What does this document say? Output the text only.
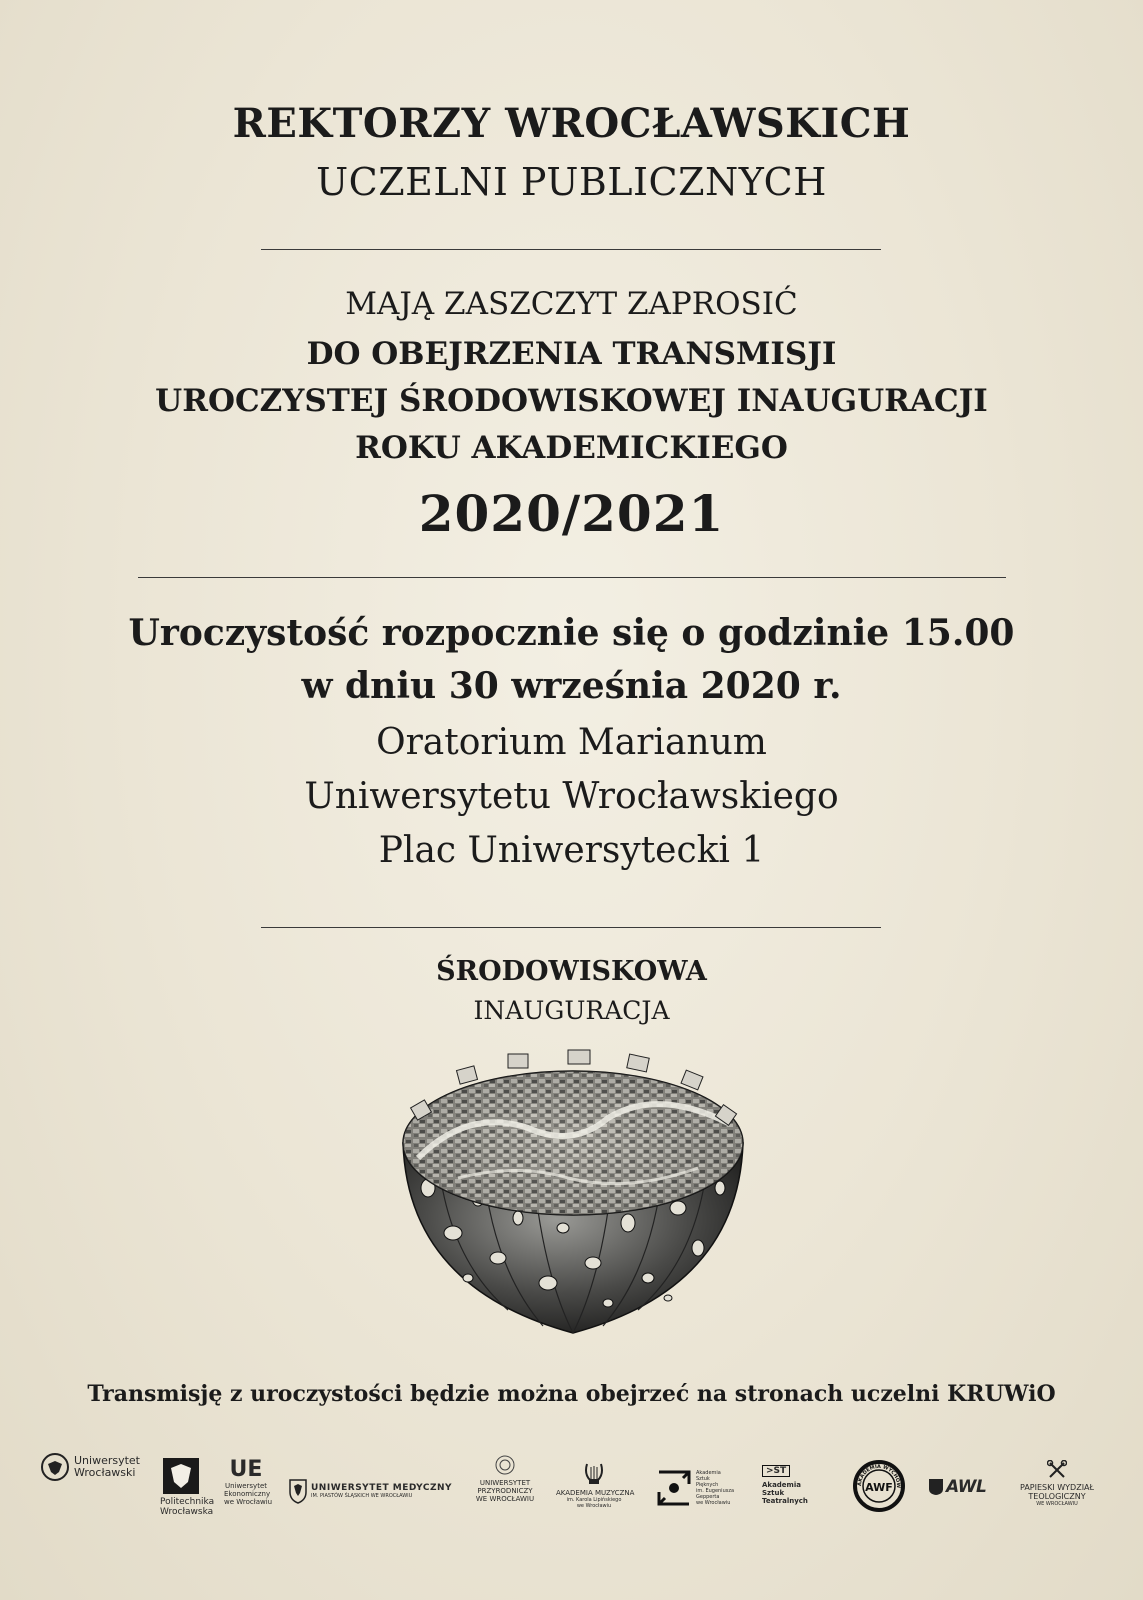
REKTORZY WROCŁAWSKICH
UCZELNI PUBLICZNYCH
MAJĄ ZASZCZYT ZAPROSIĆ
DO OBEJRZENIA TRANSMISJI
UROCZYSTEJ ŚRODOWISKOWEJ INAUGURACJI
ROKU AKADEMICKIEGO
2020/2021
Uroczystość rozpocznie się o godzinie 15.00
w dniu 30 września 2020 r.
Oratorium Marianum
Uniwersytetu Wrocławskiego
Plac Uniwersytecki 1
ŚRODOWISKOWA
INAUGURACJA
Transmisję z uroczystości będzie można obejrzeć na stronach uczelni KRUWiO
Uniwersytet
Wrocławski
Politechnika
Wrocławska
UE
Uniwersytet
Ekonomiczny
we Wrocławiu
UNIWERSYTET MEDYCZNY
IM. PIASTÓW ŚLĄSKICH WE WROCŁAWIU
UNIWERSYTET
PRZYRODNICZY
WE WROCŁAWIU
AKADEMIA MUZYCZNA
im. Karola Lipińskiego
we Wrocławiu
Akademia
Sztuk
Pięknych
im. Eugeniusza
Gepperta
we Wrocławiu
>ST
Akademia
Sztuk
Teatralnych
AKADEMIA WYCHOW
AWF	AWL	PAPIESKI WYDZIAŁ
TEOLOGICZNY
WE WROCŁAWIU
